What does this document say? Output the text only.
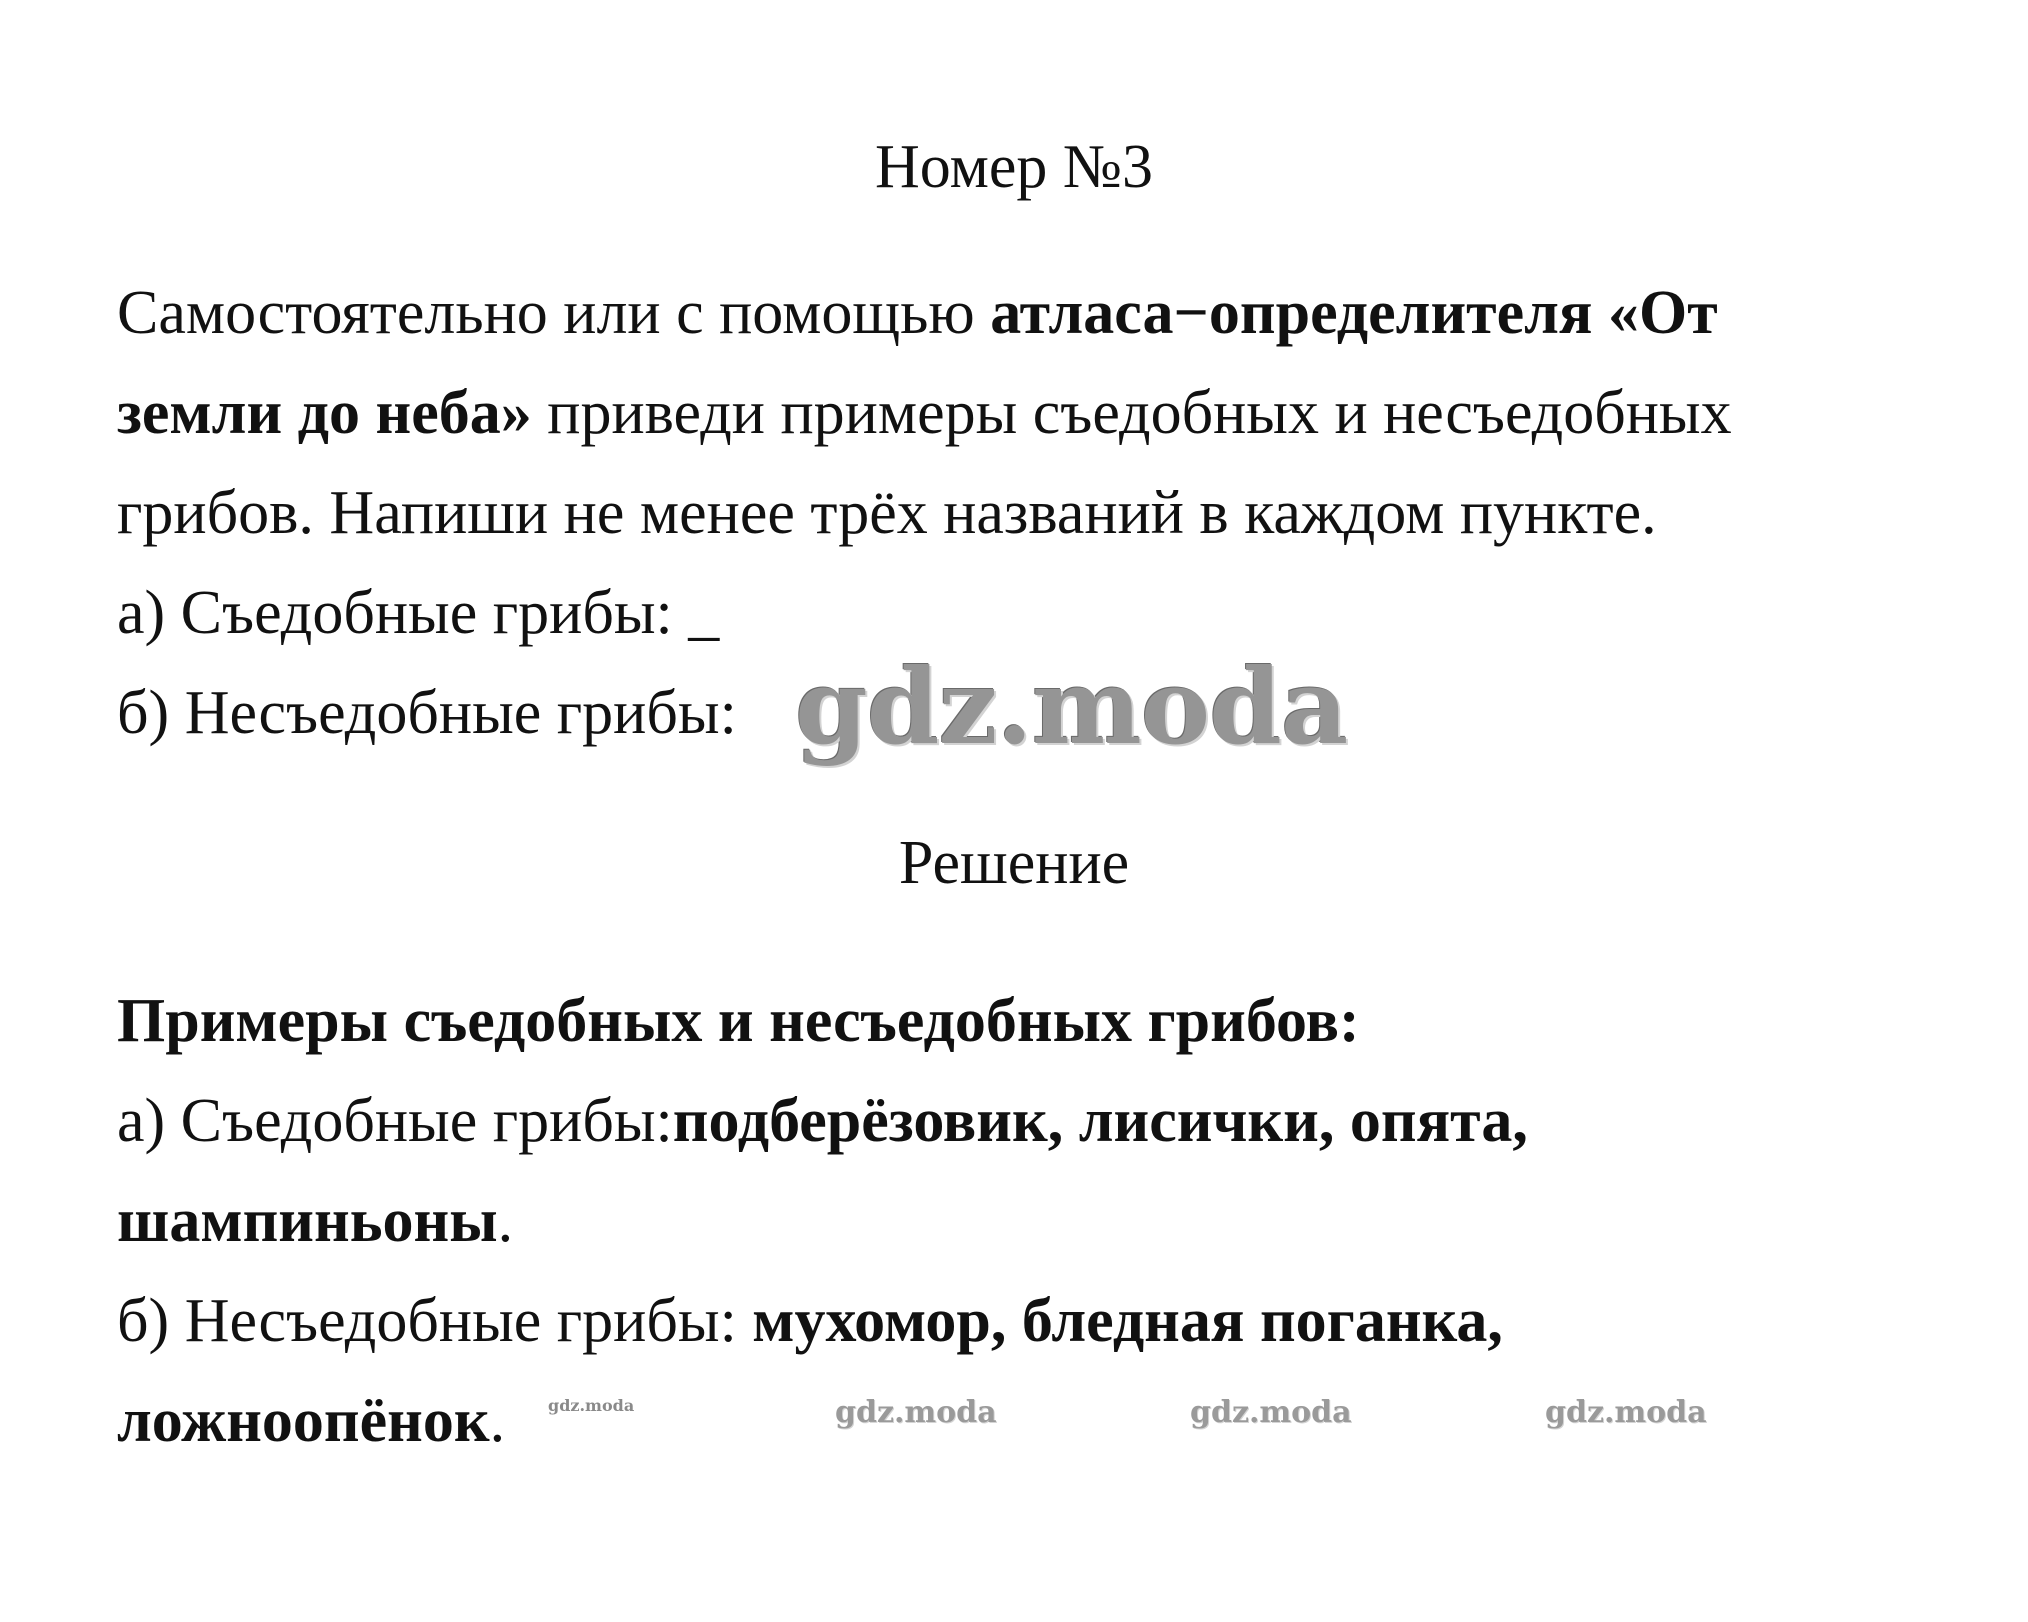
Номер №3
Самостоятельно или с помощью атласа−определителя «От
земли до неба» приведи примеры съедобных и несъедобных
грибов. Напиши не менее трёх названий в каждом пункте.
а) Съедобные грибы: _
б) Несъедобные грибы: gdz.moda
Решение
Примеры съедобных и несъедобных грибов:
а) Съедобные грибы:подберёзовик, лисички, опята,
шампиньоны.
б) Несъедобные грибы: мухомор, бледная поганка,
ложноопёнок.	gdz.moda	gdz.moda	gdz.moda	gdz.moda
